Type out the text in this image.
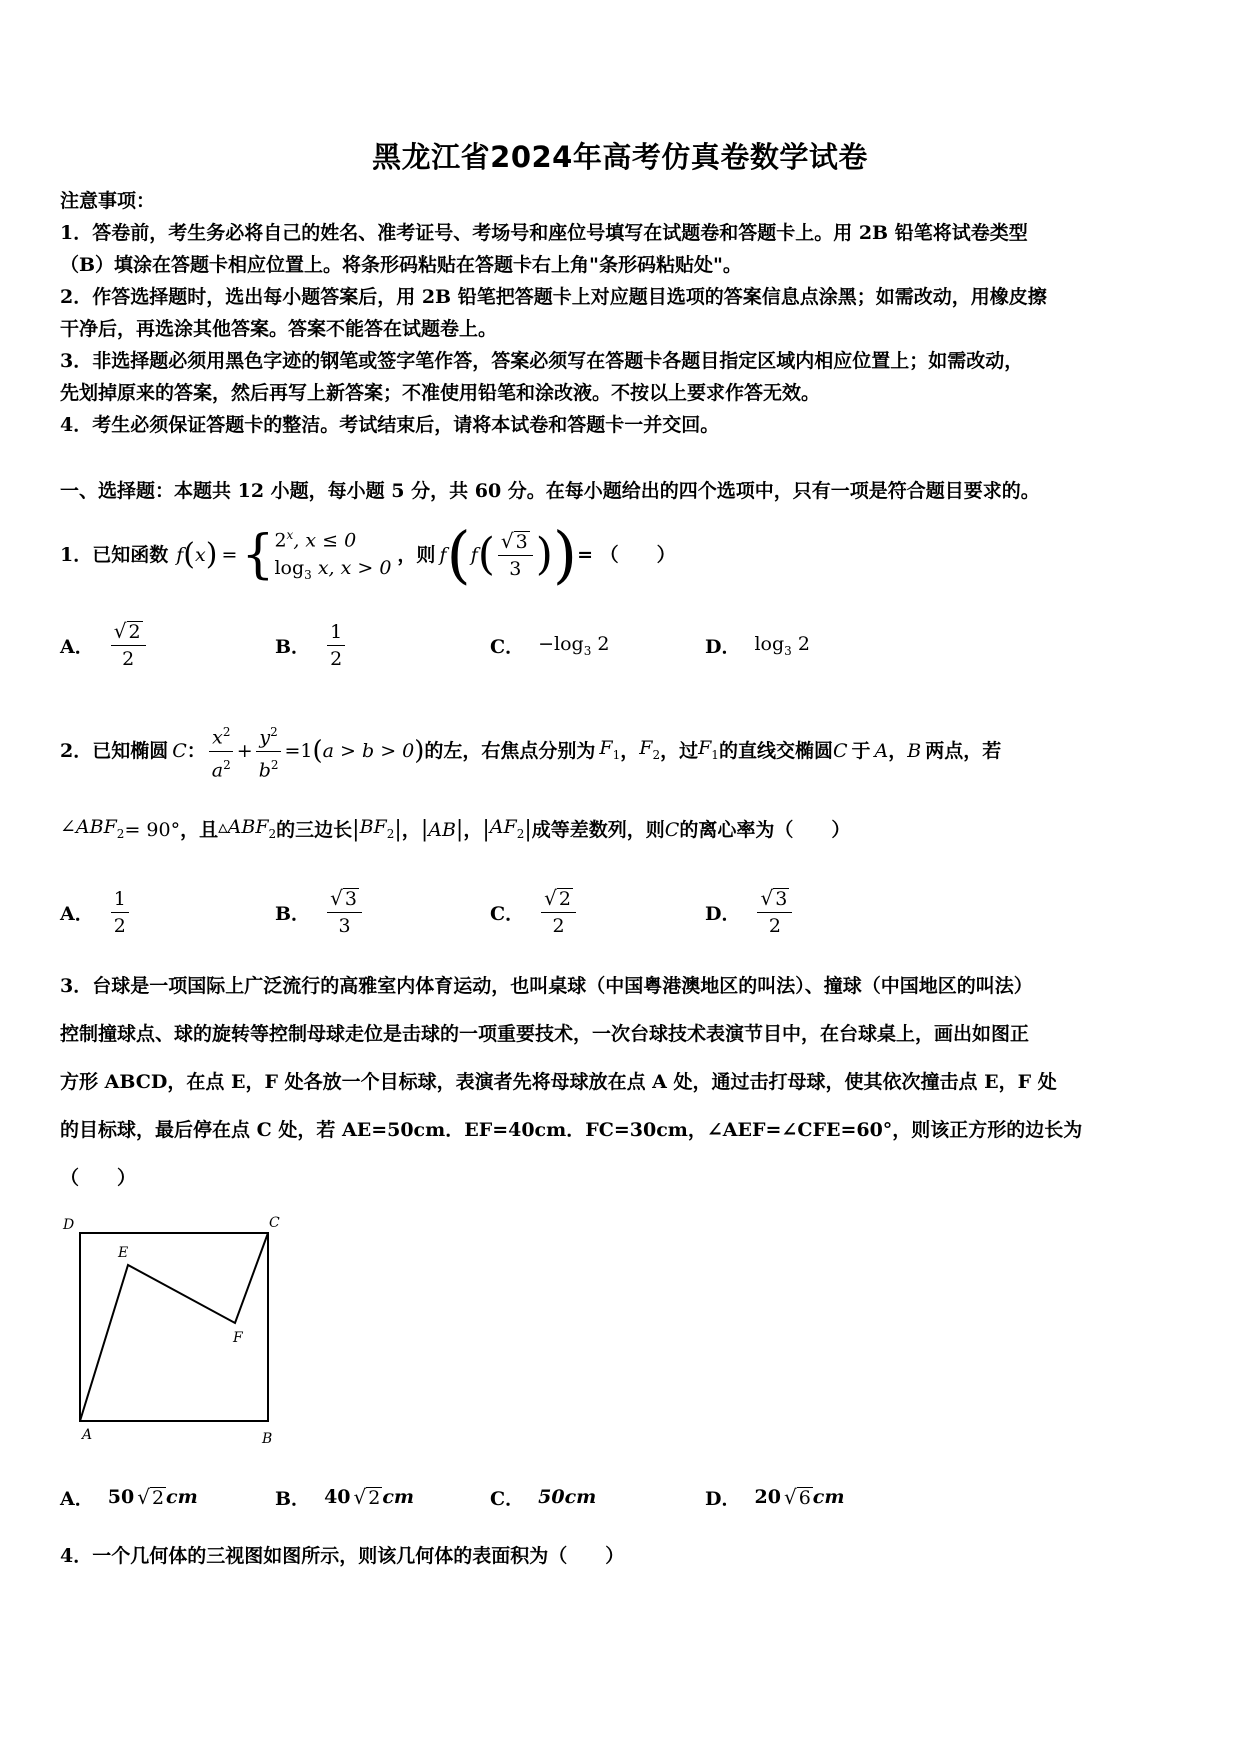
黑龙江省2024年高考仿真卷数学试卷
注意事项：
1．答卷前，考生务必将自己的姓名、准考证号、考场号和座位号填写在试题卷和答题卡上。用 2B 铅笔将试卷类型
（B）填涂在答题卡相应位置上。将条形码粘贴在答题卡右上角"条形码粘贴处"。
2．作答选择题时，选出每小题答案后，用 2B 铅笔把答题卡上对应题目选项的答案信息点涂黑；如需改动，用橡皮擦
干净后，再选涂其他答案。答案不能答在试题卷上。
3．非选择题必须用黑色字迹的钢笔或签字笔作答，答案必须写在答题卡各题目指定区域内相应位置上；如需改动，
先划掉原来的答案，然后再写上新答案；不准使用铅笔和涂改液。不按以上要求作答无效。
4．考生必须保证答题卡的整洁。考试结束后，请将本试卷和答题卡一并交回。
一、选择题：本题共 12 小题，每小题 5 分，共 60 分。在每小题给出的四个选项中，只有一项是符合题目要求的。
1．已知函数 f ( x ) = { 2$^x$, x ≤ 0
$\log_3 x$, x > 0
，则 f ( f ( $\frac{√ 3}{3}$ ) ) = （　　）
A． $\frac{√ 2}{2}$	B． $\frac{1}{2}$	C． $-\log_3$ 2	D． $\log_3 2$
2．已知椭圆 C ： $\frac{x^2}{a^2} + \frac{y^2}{b^2} =1$ ( a > b > 0 ) 的左，右焦点分别为 $F_1$ ， $F_2$ ，过 $F_1$ 的直线交椭圆 C 于 A ， B 两点，若
$\angle ABF_2 = 90^\circ$ ，且 $▵ABF_2$ 的三边长 | $BF_2$ | ， | AB | ， | $AF_2$ | 成等差数列，则 C 的离心率为（　　）
A． $\frac{1}{2}$	B． $\frac{√ 3}{3}$	C． $\frac{√ 2}{2}$	D． $\frac{√ 3}{2}$
3．台球是一项国际上广泛流行的高雅室内体育运动，也叫桌球（中国粤港澳地区的叫法）、撞球（中国地区的叫法）
控制撞球点、球的旋转等控制母球走位是击球的一项重要技术，一次台球技术表演节目中，在台球桌上，画出如图正
方形 ABCD，在点 E，F 处各放一个目标球，表演者先将母球放在点 A 处，通过击打母球，使其依次撞击点 E，F 处
的目标球，最后停在点 C 处，若 AE=50cm．EF=40cm．FC=30cm，∠AEF=∠CFE=60°，则该正方形的边长为
（　　）
D	C
E
F
A	B
A． 50 √ 2 cm	B． 40 √ 2 cm	C． 50cm	D． 20 √ 6 cm
4．一个几何体的三视图如图所示，则该几何体的表面积为（　　）
